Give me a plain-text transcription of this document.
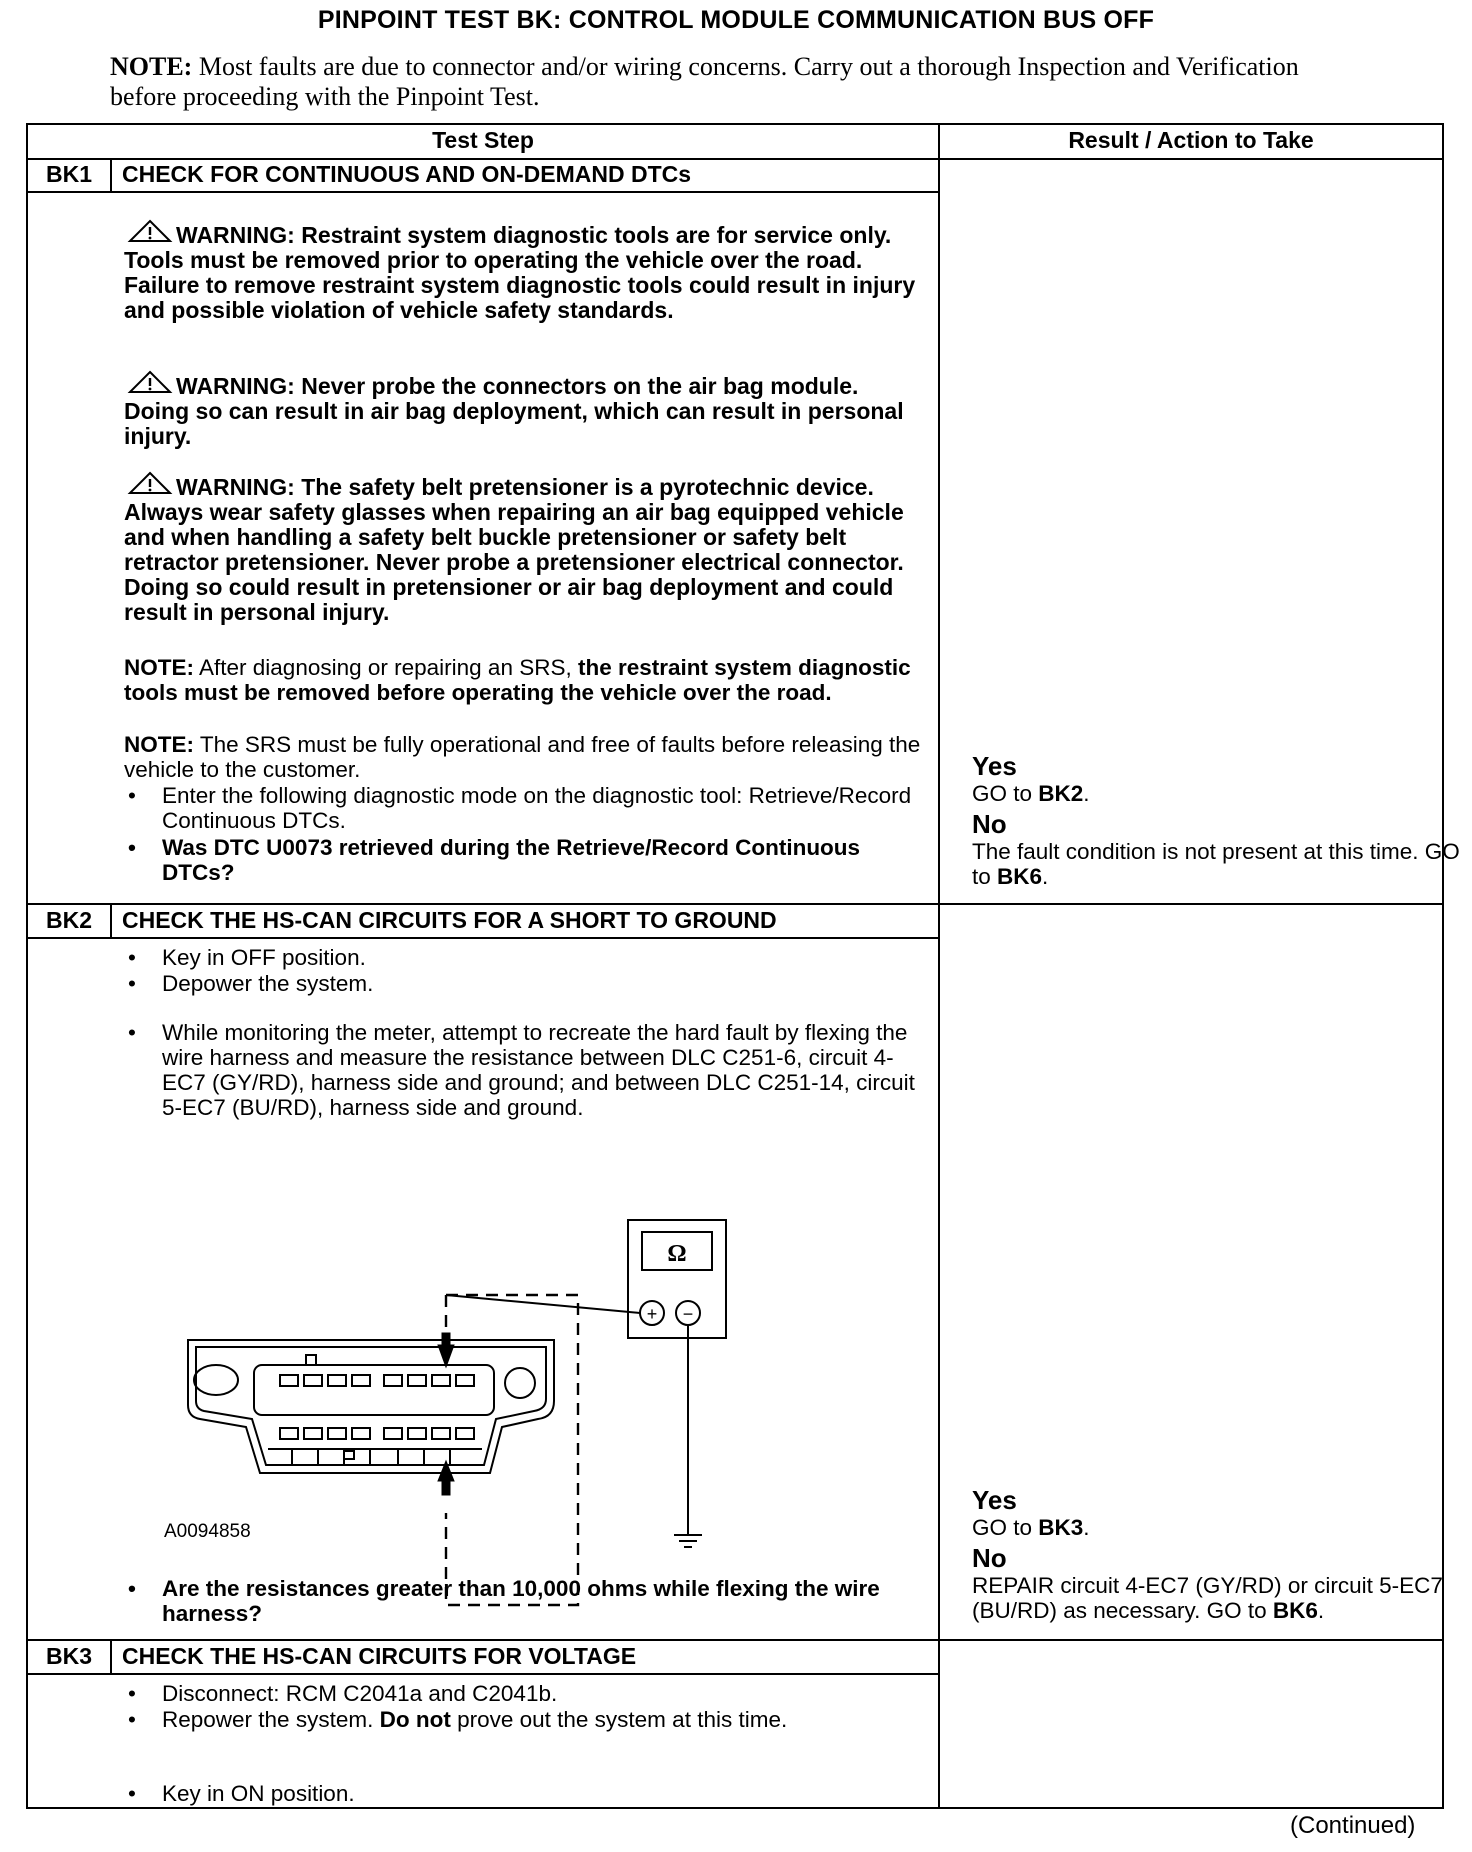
PINPOINT TEST BK: CONTROL MODULE COMMUNICATION BUS OFF
NOTE: Most faults are due to connector and/or wiring concerns. Carry out a thorough Inspection and Verification before proceeding with the Pinpoint Test.
Test Step	Result / Action to Take
BK1	CHECK FOR CONTINUOUS AND ON-DEMAND DTCs
WARNING: Restraint system diagnostic tools are for service only. Tools must be removed prior to operating the vehicle over the road. Failure to remove restraint system diagnostic tools could result in injury and possible violation of vehicle safety standards.
WARNING: Never probe the connectors on the air bag module. Doing so can result in air bag deployment, which can result in personal injury.
WARNING: The safety belt pretensioner is a pyrotechnic device. Always wear safety glasses when repairing an air bag equipped vehicle and when handling a safety belt buckle pretensioner or safety belt retractor pretensioner. Never probe a pretensioner electrical connector. Doing so could result in pretensioner or air bag deployment and could result in personal injury.
NOTE: After diagnosing or repairing an SRS, the restraint system diagnostic tools must be removed before operating the vehicle over the road.
NOTE: The SRS must be fully operational and free of faults before releasing the vehicle to the customer.
• Enter the following diagnostic mode on the diagnostic tool: Retrieve/Record Continuous DTCs.
• Was DTC U0073 retrieved during the Retrieve/Record Continuous DTCs?
Yes
GO to BK2.
No
The fault condition is not present at this time. GO to BK6.
BK2	CHECK THE HS-CAN CIRCUITS FOR A SHORT TO GROUND
• Key in OFF position.
• Depower the system.
• While monitoring the meter, attempt to recreate the hard fault by flexing the wire harness and measure the resistance between DLC C251-6, circuit 4-EC7 (GY/RD), harness side and ground; and between DLC C251-14, circuit 5-EC7 (BU/RD), harness side and ground.
Ω
+ −
A0094858
• Are the resistances greater than 10,000 ohms while flexing the wire harness?
Yes
GO to BK3.
No
REPAIR circuit 4-EC7 (GY/RD) or circuit 5-EC7 (BU/RD) as necessary. GO to BK6.
BK3	CHECK THE HS-CAN CIRCUITS FOR VOLTAGE
• Disconnect: RCM C2041a and C2041b.
• Repower the system. Do not prove out the system at this time.
• Key in ON position.
(Continued)
